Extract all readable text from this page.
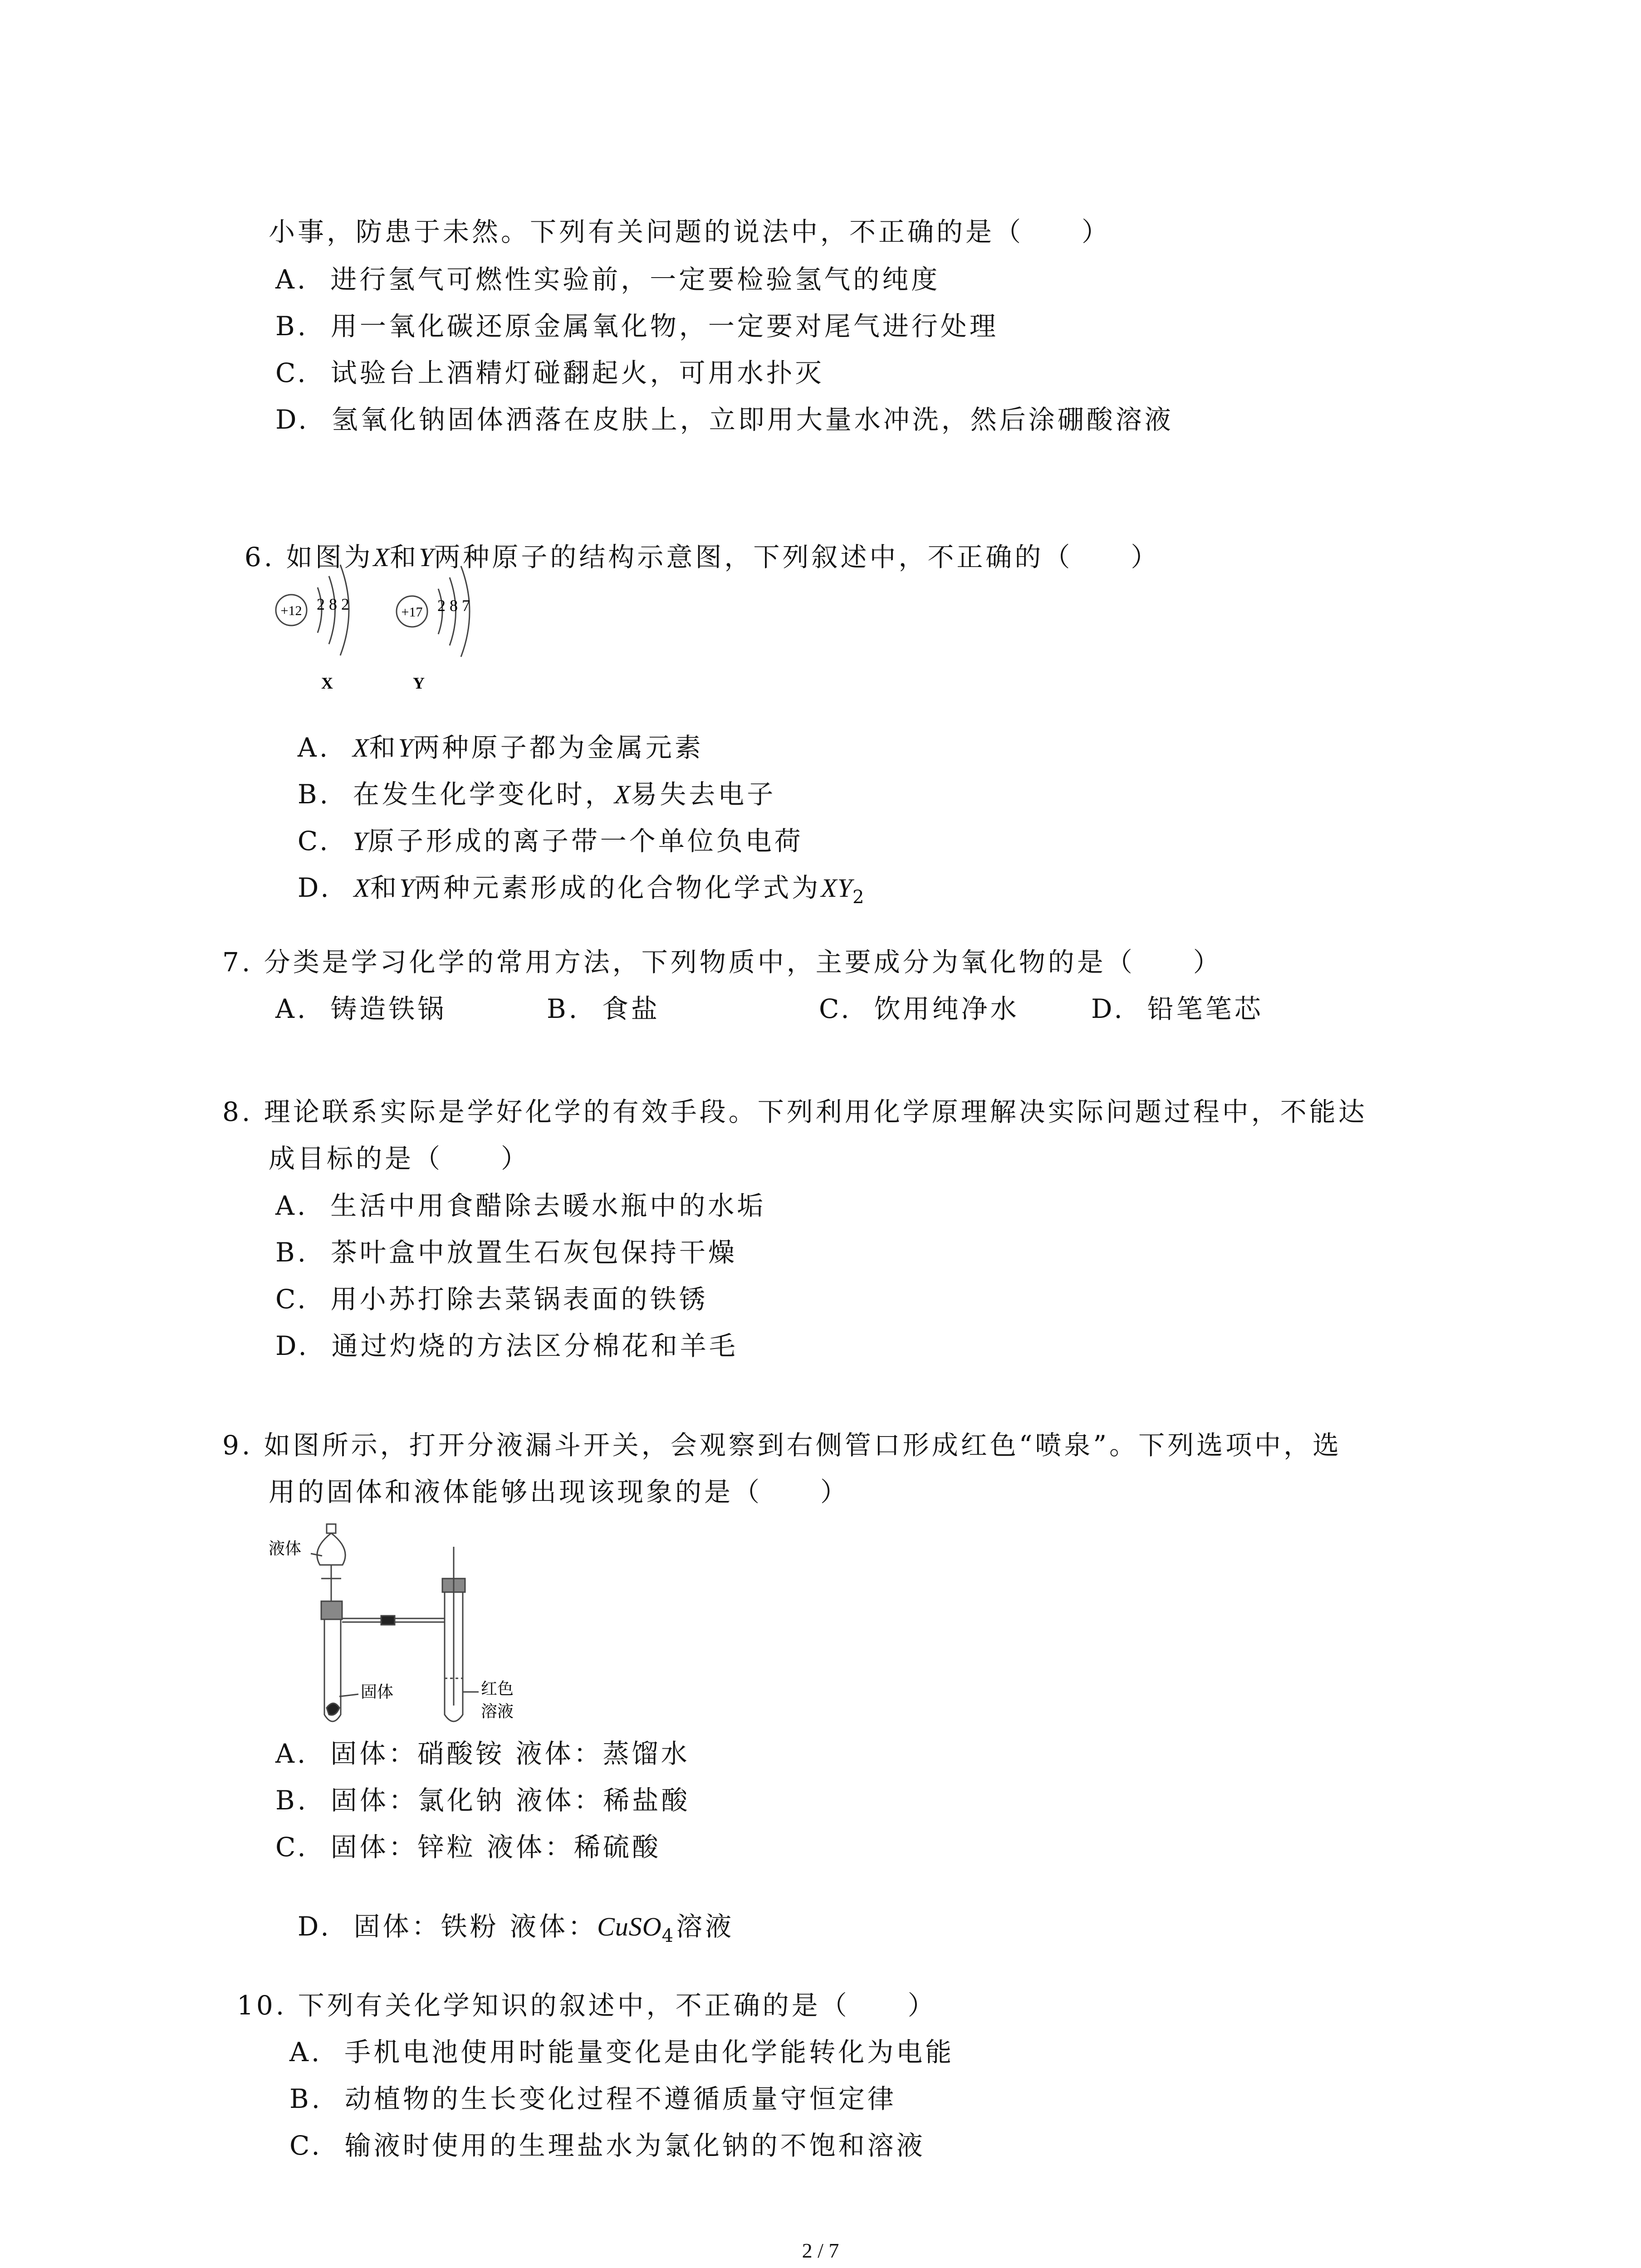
小事，防患于未然。下列有关问题的说法中，不正确的是（　　）
A.  进行氢气可燃性实验前，一定要检验氢气的纯度
B.  用一氧化碳还原金属氧化物，一定要对尾气进行处理
C.  试验台上酒精灯碰翻起火，可用水扑灭
D.  氢氧化钠固体洒落在皮肤上，立即用大量水冲洗，然后涂硼酸溶液

6. 如图为X和Y两种原子的结构示意图，下列叙述中，不正确的（　　）

+12 2 8 2	+17 2 8 7
X	Y

A.  X和Y两种原子都为金属元素

B.  在发生化学变化时，X易失去电子

C.  Y原子形成的离子带一个单位负电荷

D.  X和Y两种元素形成的化合物化学式为$XY_2$

7. 分类是学习化学的常用方法，下列物质中，主要成分为氧化物的是（　　）
A.  铸造铁锅	B.  食盐	C.  饮用纯净水	D.  铅笔笔芯
8. 理论联系实际是学好化学的有效手段。下列利用化学原理解决实际问题过程中，不能达
成目标的是（　　）
A.  生活中用食醋除去暖水瓶中的水垢
B.  茶叶盒中放置生石灰包保持干燥
C.  用小苏打除去菜锅表面的铁锈
D.  通过灼烧的方法区分棉花和羊毛
9. 如图所示，打开分液漏斗开关，会观察到右侧管口形成红色“喷泉”。下列选项中，选
用的固体和液体能够出现该现象的是（　　）
液体
固体	红色
溶液
A.  固体：硝酸铵 液体：蒸馏水
B.  固体：氯化钠 液体：稀盐酸
C.  固体：锌粒 液体：稀硫酸

D.  固体：铁粉 液体：CuSO$_4$溶液

10. 下列有关化学知识的叙述中，不正确的是（　　）
A.  手机电池使用时能量变化是由化学能转化为电能
B.  动植物的生长变化过程不遵循质量守恒定律
C.  输液时使用的生理盐水为氯化钠的不饱和溶液
2 / 7
